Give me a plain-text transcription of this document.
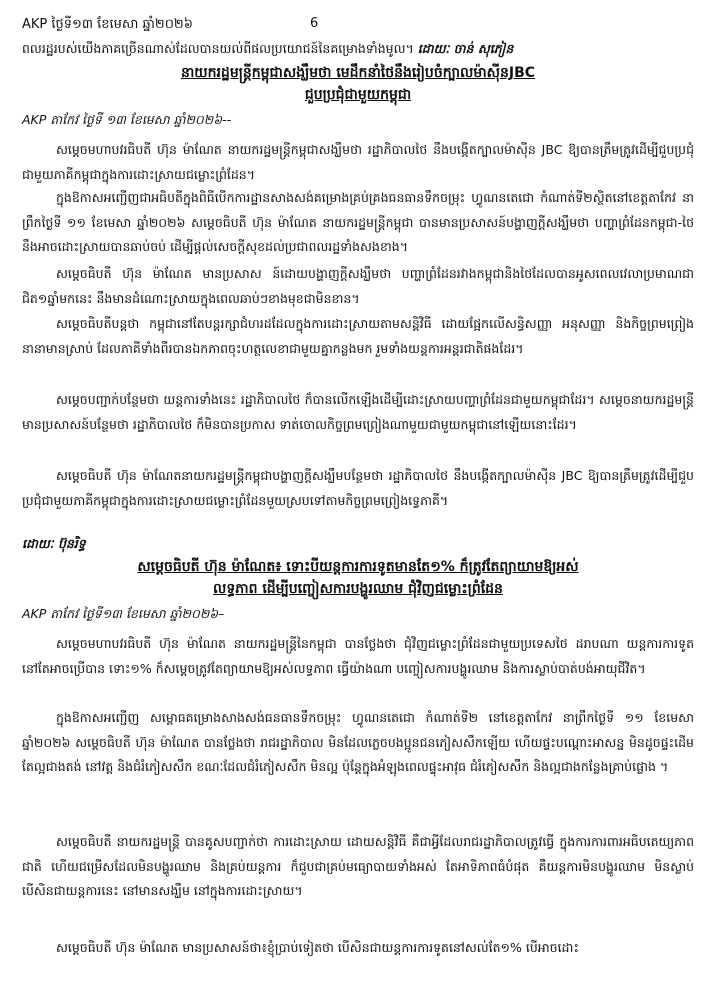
AKP ថ្ងៃទី១៣ ខែមេសា ឆ្នាំ២០២៦	6
ពលរដ្ឋរបស់យើងភាគច្រើនណាស់ដែលបានយល់ពីផលប្រយោជន៍នៃគម្រោងទាំងមូល។ ដោយៈ ចាន់ សុភៀន
នាយករដ្ឋមន្ត្រីកម្ពុជាសង្ឃឹមថា មេដឹកនាំថៃនឹងរៀបចំក្បាលម៉ាស៊ីនJBC
ជួបប្រជុំជាមួយកម្ពុជា
AKP តាកែវ ថ្ងៃទី ១៣ ខែមេសា ឆ្នាំ២០២៦--
សម្ដេចមហាបវរធិបតី ហ៊ុន ម៉ាណែត នាយករដ្ឋមន្ត្រីកម្ពុជាសង្ឃឹមថា រដ្ឋាភិបាលថៃ នឹងបង្កើតក្បាលម៉ាស៊ីន JBC ឱ្យបានត្រឹមត្រូវដើម្បីជួបប្រជុំជាមួយភាគីកម្ពុជាក្នុងការដោះស្រាយជម្លោះព្រំដែន។
ក្នុងឱកាសអញ្ជើញជាអធិបតីក្នុងពិធីបើកការដ្ឋានសាងសង់គម្រោងគ្រប់គ្រងធនធានទឹកចម្រុះ ហ្វូណនតេជោ កំណាត់ទី២ស្ថិតនៅខេត្តតាកែវ នាព្រឹកថ្ងៃទី ១១ ខែមេសា ឆ្នាំ២០២៦ សម្ដេចធិបតី ហ៊ុន ម៉ាណែត នាយករដ្ឋមន្ត្រីកម្ពុជា បានមានប្រសាសន៍បង្ហាញក្ដីសង្ឃឹមថា បញ្ហាព្រំដែនកម្ពុជា-ថៃ នឹងអាចដោះស្រាយបានឆាប់ចប់ ដើម្បីផ្ដល់សេចក្ដីសុខដល់ប្រជាពលរដ្ឋទាំងសងខាង។
សម្ដេចធិបតី ហ៊ុន ម៉ាណែត មានប្រសាស ន៍ដោយបង្ហាញក្ដីសង្ឃឹមថា បញ្ហាព្រំដែនរវាងកម្ពុជានិងថៃដែលបានអូសពេលវេលាប្រមាណជាជិត១ឆ្នាំមកនេះ នឹងមានដំណោះស្រាយក្នុងពេលឆាប់ៗខាងមុខជាមិនខាន។
សម្ដេចធិបតីបន្តថា កម្ពុជានៅតែបន្តរក្សាជំហរដដែលក្នុងការដោះស្រាយតាមសន្តិវិធី ដោយផ្អែកលើសន្ធិសញ្ញា អនុសញ្ញា និងកិច្ចព្រមព្រៀងនានាមានស្រាប់ ដែលភាគីទាំងពីរបានឯកភាពចុះហត្ថលេខាជាមួយគ្នាកន្លងមក រួមទាំងយន្តការអន្តរជាតិផងដែរ។
សម្ដេចបញ្ជាក់បន្ថែមថា យន្តការទាំងនេះ រដ្ឋាភិបាលថៃ ក៏បានលើកឡើងដើម្បីដោះស្រាយបញ្ហាព្រំដែនជាមួយកម្ពុជាដែរ។ សម្ដេចនាយករដ្ឋមន្ត្រីមានប្រសាសន៍បន្ថែមថា រដ្ឋាភិបាលថៃ ក៏មិនបានប្រកាស ទាត់ចោលកិច្ចព្រមព្រៀងណាមួយជាមួយកម្ពុជានៅឡើយនោះដែរ។
សម្ដេចធិបតី ហ៊ុន ម៉ាណែតនាយករដ្ឋមន្ត្រីកម្ពុជាបង្ហាញក្ដីសង្ឃឹមបន្ថែមថា រដ្ឋាភិបាលថៃ នឹងបង្កើតក្បាលម៉ាស៊ីន JBC ឱ្យបានត្រឹមត្រូវដើម្បីជួបប្រជុំជាមួយភាគីកម្ពុជាក្នុងការដោះស្រាយជម្លោះព្រំដែនមួយស្របទៅតាមកិច្ចព្រមព្រៀងទ្វេភាគី។
ដោយៈ ប៊ុនរិទ្ធ
សម្ដេចធិបតី ហ៊ុន ម៉ាណែត៖ ទោះបីយន្តការការទូតមានតែ១% ក៏ត្រូវតែព្យាយាមឱ្យអស់
លទ្ធភាព ដើម្បីបញ្ចៀសការបង្ហូរឈាម ជុំវិញជម្លោះព្រំដែន
AKP តាកែវ ថ្ងៃទី១៣ ខែមេសា ឆ្នាំ២០២៦–
សម្ដេចមហាបវរធិបតី ហ៊ុន ម៉ាណែត នាយករដ្ឋមន្ត្រីនៃកម្ពុជា បានថ្លែងថា ជុំវិញជម្លោះព្រំដែនជាមួយប្រទេសថៃ ដរាបណា យន្តការការទូតនៅតែអាចប្រើបាន ទោះ១% ក៏សម្ដេចត្រូវតែព្យាយាមឱ្យអស់លទ្ធភាព ធ្វើយ៉ាងណា បញ្ចៀសការបង្ហូរឈាម និងការស្លាប់បាត់បង់អាយុជីវិត។
ក្នុងឱកាសអញ្ជើញ សម្ពោធគម្រោងសាងសង់ធនធានទឹកចម្រុះ ហ្វូណនតេជោ កំណាត់ទី២ នៅខេត្តតាកែវ នាព្រឹកថ្ងៃទី ១១ ខែមេសា ឆ្នាំ២០២៦ សម្ដេចធិបតី ហ៊ុន ម៉ាណែត បានថ្លែងថា រាជរដ្ឋាភិបាល មិនដែលភ្លេចបងប្អូនជនភៀសសឹកឡើយ ហើយផ្ទះបណ្ដោះអាសន្ន មិនដូចផ្ទះដើម តែល្អជាងតង់ នៅវត្ត និងជំរំភៀសសឹក ខណៈដែលជំរំភៀសសឹក មិនល្អ ប៉ុន្តែក្នុងអំឡុងពេលផ្ទុះអាវុធ ជំរំភៀសសឹក និងល្អជាងកន្លែងគ្រាប់ផ្លោង ។
សម្ដេចធិបតី នាយករដ្ឋមន្ត្រី បានគូសបញ្ជាក់ថា ការដោះស្រាយ ដោយសន្តិវិធី គឺជាអ្វីដែលរាជរដ្ឋាភិបាលត្រូវធ្វើ ក្នុងការការពារអធិបតេយ្យភាពជាតិ ហើយជម្រើសដែលមិនបង្ហូរឈាម និងគ្រប់យន្តការ ក៏ជួបជាគ្រប់មធ្យោបាយទាំងអស់ តែអាទិភាពធំបំផុត គឺយន្តការមិនបង្ហូរឈាម មិនស្លាប់ បើសិនជាយន្តការនេះ នៅមានសង្ឃឹម នៅក្នុងការដោះស្រាយ។
សម្ដេចធិបតី ហ៊ុន ម៉ាណែត មានប្រសាសន៍ថា៖ខ្ញុំប្រាប់ទៀតថា បើសិនជាយន្តការការទូតនៅសល់តែ១% បើអាចដោះ
